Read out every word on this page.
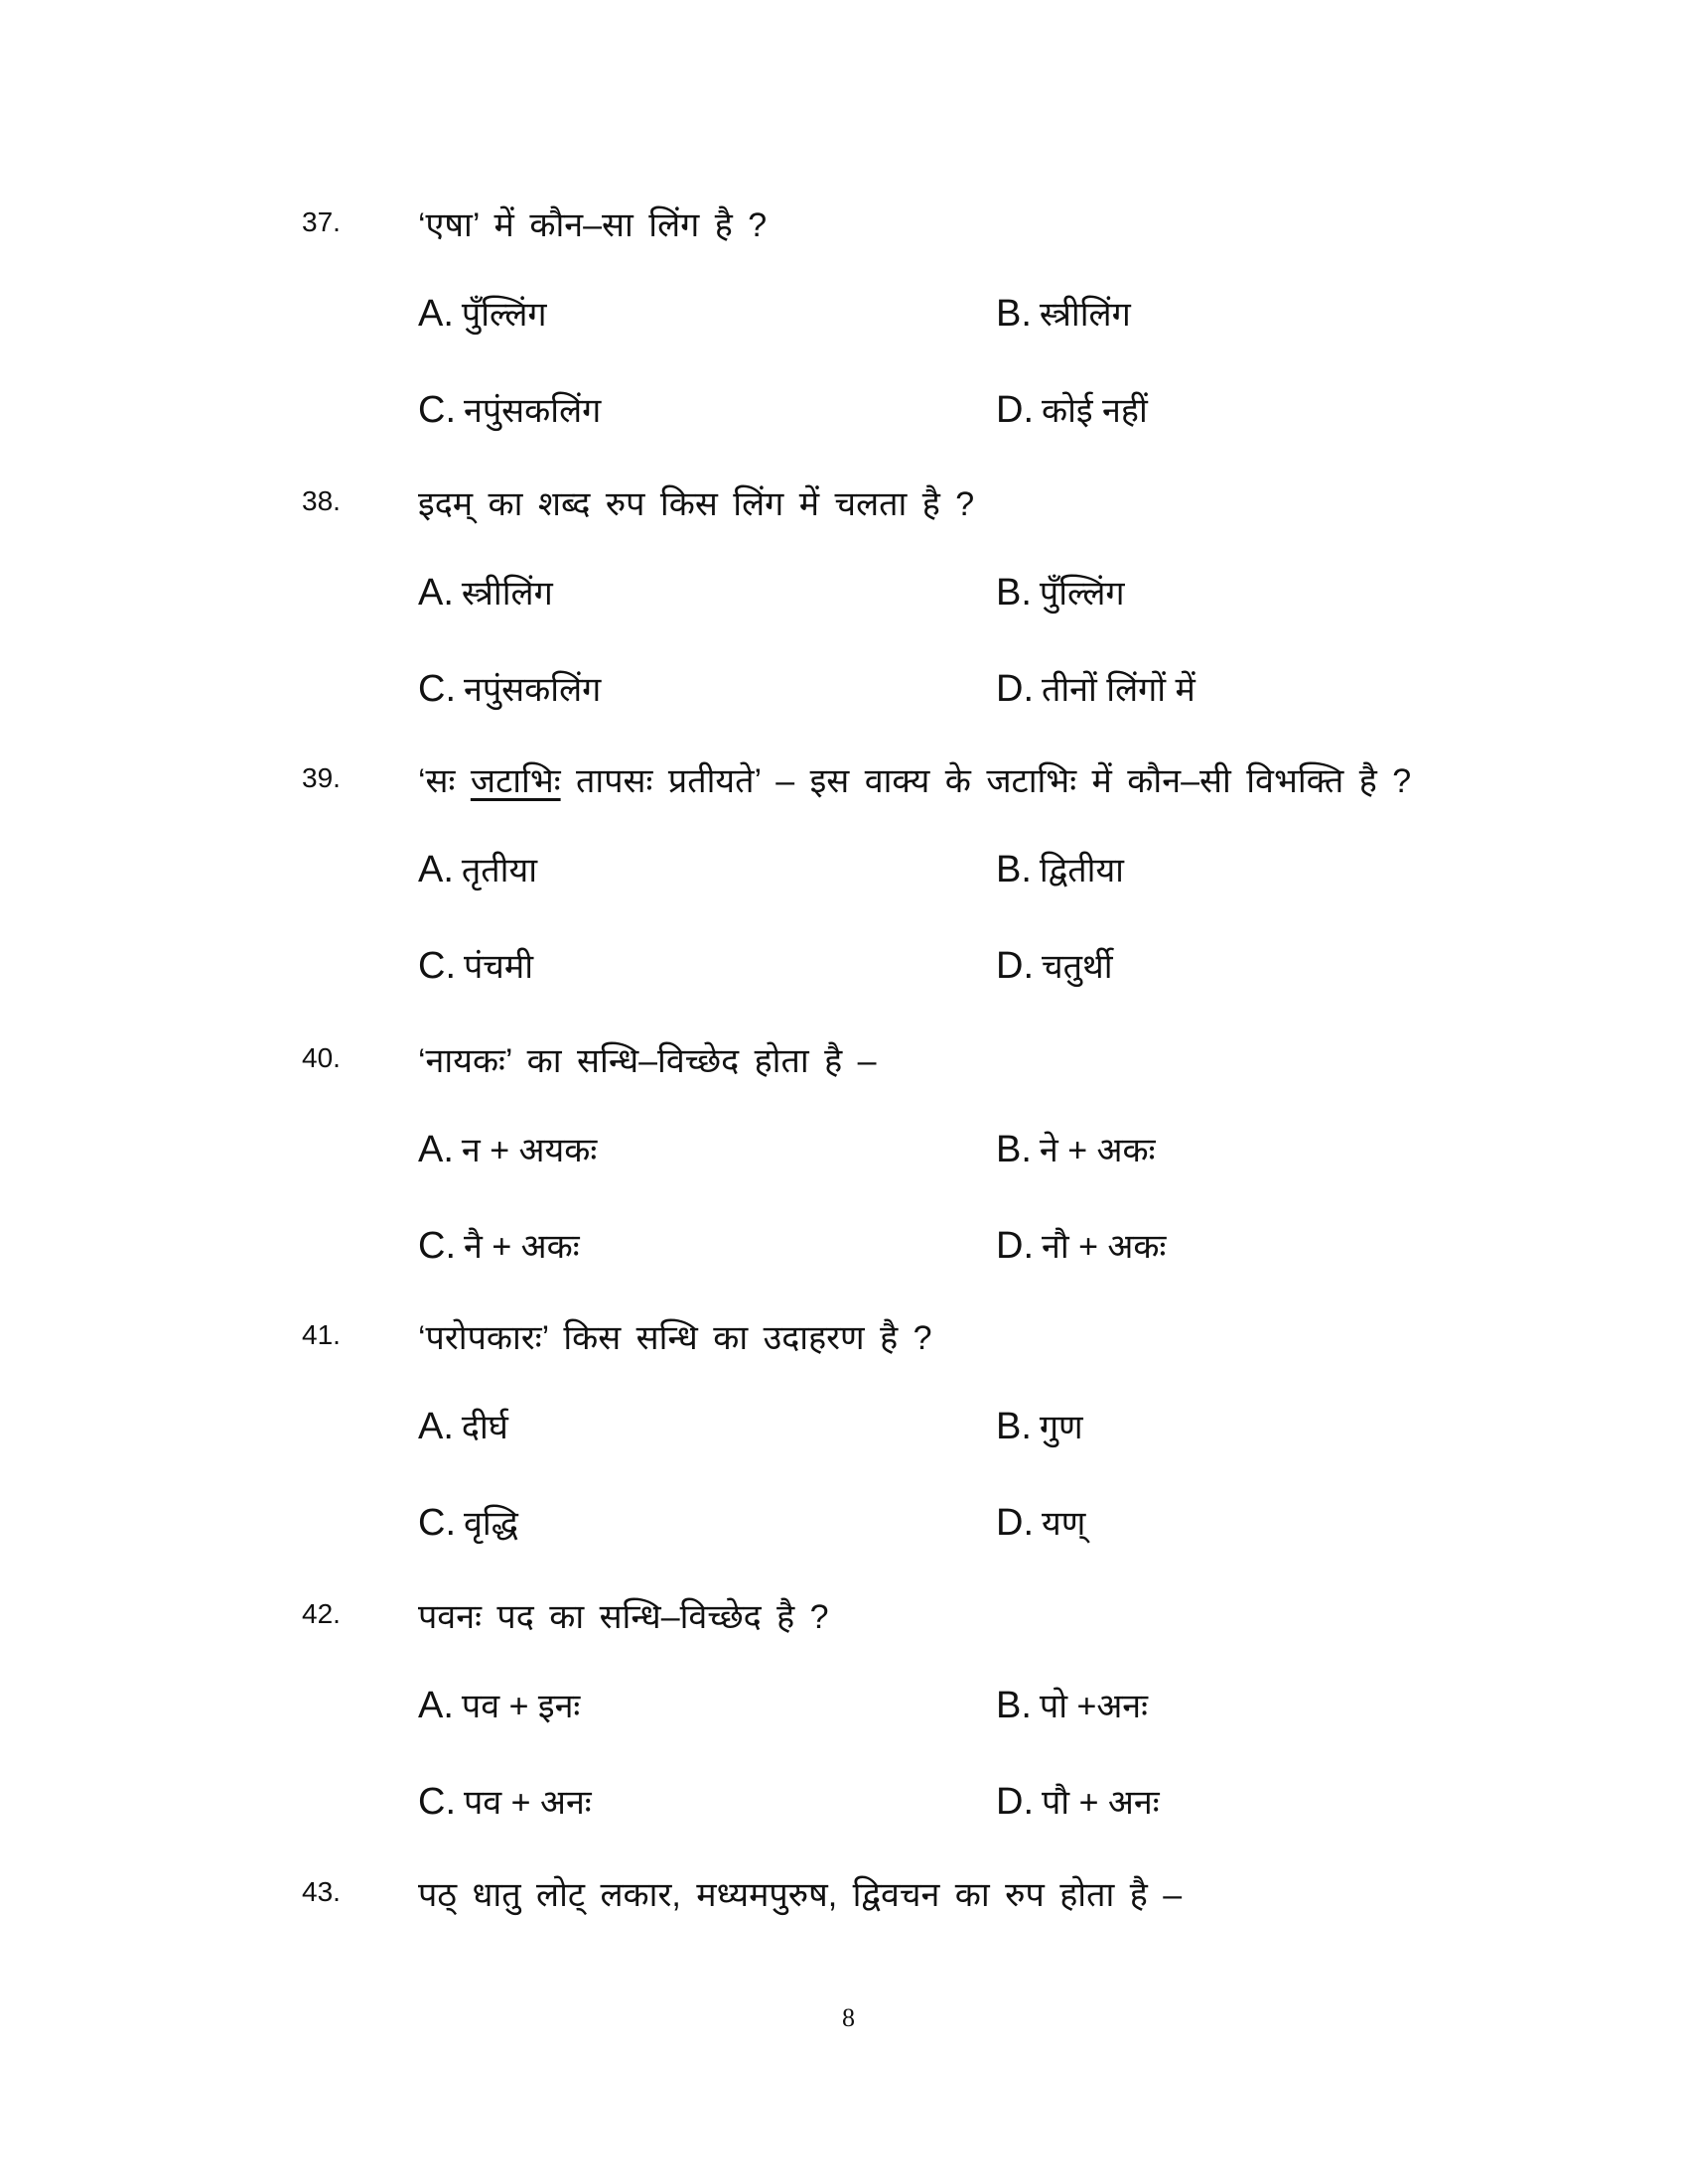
37. ‘एषा’ में कौन–सा लिंग है ?
A. पुँल्लिंग	B. स्त्रीलिंग
C. नपुंसकलिंग	D. कोई नहीं
38. इदम् का शब्द रुप किस लिंग में चलता है ?
A. स्त्रीलिंग	B. पुँल्लिंग
C. नपुंसकलिंग	D. तीनों लिंगों में
39. ‘सः जटाभिः तापसः प्रतीयते’ – इस वाक्य के जटाभिः में कौन–सी विभक्ति है ?
A. तृतीया	B. द्वितीया
C. पंचमी	D. चतुर्थी
40. ‘नायकः’ का सन्धि–विच्छेद होता है –
A. न + अयकः	B. ने + अकः
C. नै + अकः	D. नौ + अकः
41. ‘परोपकारः’ किस सन्धि का उदाहरण है ?
A. दीर्घ	B. गुण
C. वृद्धि	D. यण्
42. पवनः पद का सन्धि–विच्छेद है ?
A. पव + इनः	B. पो +अनः
C. पव + अनः	D. पौ + अनः
43. पठ् धातु लोट् लकार, मध्यमपुरुष, द्विवचन का रुप होता है –
8
